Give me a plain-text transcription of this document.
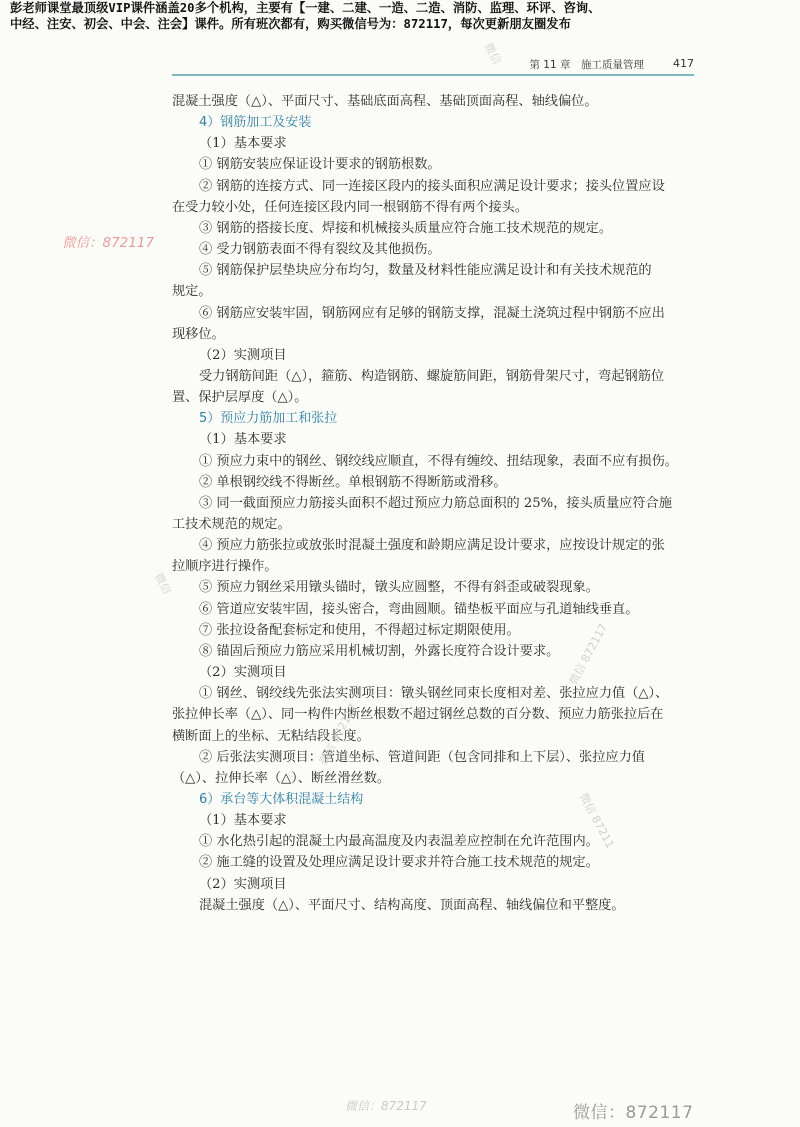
彭老师课堂最顶级VIP课件涵盖20多个机构，主要有【一建、二建、一造、二造、消防、监理、环评、咨询、
中经、注安、初会、中会、注会】课件。所有班次都有，购买微信号为：872117，每次更新朋友圈发布
第 11 章　施工质量管理	417
混凝土强度（△）、平面尺寸、基础底面高程、基础顶面高程、轴线偏位。
4）钢筋加工及安装
（1）基本要求
① 钢筋安装应保证设计要求的钢筋根数。
② 钢筋的连接方式、同一连接区段内的接头面积应满足设计要求；接头位置应设
在受力较小处，任何连接区段内同一根钢筋不得有两个接头。
③ 钢筋的搭接长度、焊接和机械接头质量应符合施工技术规范的规定。
④ 受力钢筋表面不得有裂纹及其他损伤。
⑤ 钢筋保护层垫块应分布均匀，数量及材料性能应满足设计和有关技术规范的
规定。
⑥ 钢筋应安装牢固，钢筋网应有足够的钢筋支撑，混凝土浇筑过程中钢筋不应出
现移位。
（2）实测项目
受力钢筋间距（△），箍筋、构造钢筋、螺旋筋间距，钢筋骨架尺寸，弯起钢筋位
置、保护层厚度（△）。
5）预应力筋加工和张拉
（1）基本要求
① 预应力束中的钢丝、钢绞线应顺直，不得有缠绞、扭结现象，表面不应有损伤。
② 单根钢绞线不得断丝。单根钢筋不得断筋或滑移。
③ 同一截面预应力筋接头面积不超过预应力筋总面积的 25%，接头质量应符合施
工技术规范的规定。
④ 预应力筋张拉或放张时混凝土强度和龄期应满足设计要求，应按设计规定的张
拉顺序进行操作。
⑤ 预应力钢丝采用镦头锚时，镦头应圆整，不得有斜歪或破裂现象。
⑥ 管道应安装牢固，接头密合，弯曲圆顺。锚垫板平面应与孔道轴线垂直。
⑦ 张拉设备配套标定和使用，不得超过标定期限使用。
⑧ 锚固后预应力筋应采用机械切割，外露长度符合设计要求。
（2）实测项目
① 钢丝、钢绞线先张法实测项目：镦头钢丝同束长度相对差、张拉应力值（△）、
张拉伸长率（△）、同一构件内断丝根数不超过钢丝总数的百分数、预应力筋张拉后在
横断面上的坐标、无粘结段长度。
② 后张法实测项目：管道坐标、管道间距（包含同排和上下层）、张拉应力值
（△）、拉伸长率（△）、断丝滑丝数。
6）承台等大体积混凝土结构
（1）基本要求
① 水化热引起的混凝土内最高温度及内表温差应控制在允许范围内。
② 施工缝的设置及处理应满足设计要求并符合施工技术规范的规定。
（2）实测项目
混凝土强度（△）、平面尺寸、结构高度、顶面高程、轴线偏位和平整度。
微信：872117
微信
微信
微信 872117
微信 872117
微信 87211
微信：872117	微信：872117
